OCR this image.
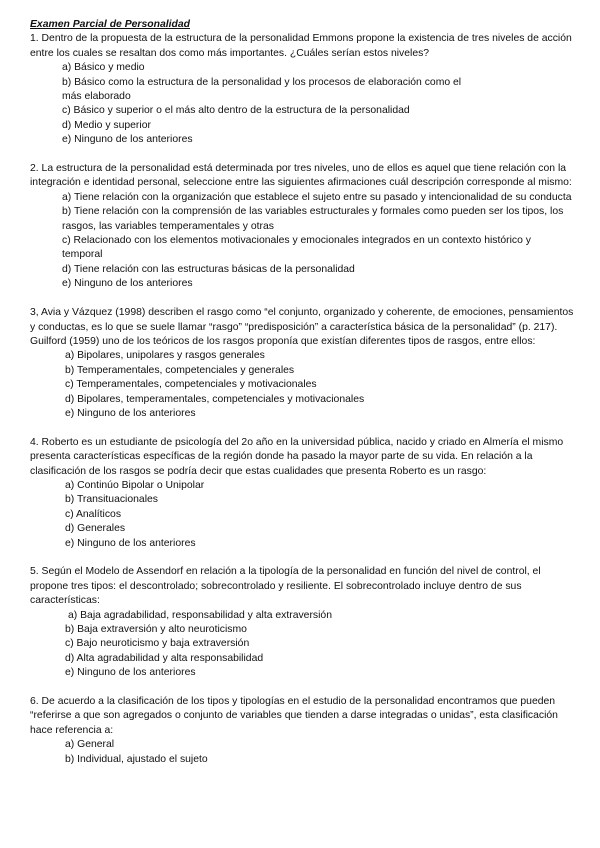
Examen Parcial de Personalidad

1. Dentro de la propuesta de la estructura de la personalidad Emmons propone la existencia de tres niveles de acción entre los cuales se resaltan dos como más importantes. ¿Cuáles serían estos niveles?

a) Básico y medio
b) Básico como la estructura de la personalidad y los procesos de elaboración como el más elaborado
c) Básico y superior o el más alto dentro de la estructura de la personalidad
d) Medio y superior
e) Ninguno de los anteriores

2. La estructura de la personalidad está determinada por tres niveles, uno de ellos es aquel que tiene relación con la integración e identidad personal, seleccione entre las siguientes afirmaciones cuál descripción corresponde al mismo:

a) Tiene relación con la organización que establece el sujeto entre su pasado y intencionalidad de su conducta
b) Tiene relación con la comprensión de las variables estructurales y formales como pueden ser los tipos, los rasgos, las variables temperamentales y otras
c) Relacionado con los elementos motivacionales y emocionales integrados en un contexto histórico y temporal
d) Tiene relación con las estructuras básicas de la personalidad
e) Ninguno de los anteriores

3, Avia y Vázquez (1998) describen el rasgo como “el conjunto, organizado y coherente, de emociones, pensamientos y conductas, es lo que se suele llamar “rasgo” “predisposición” a característica básica de la personalidad” (p. 217). Guilford (1959) uno de los teóricos de los rasgos proponía que existían diferentes tipos de rasgos, entre ellos:

a) Bipolares, unipolares y rasgos generales
b) Temperamentales, competenciales y generales
c) Temperamentales, competenciales y motivacionales
d) Bipolares, temperamentales, competenciales y motivacionales
e) Ninguno de los anteriores

4. Roberto es un estudiante de psicología del 2o año en la universidad pública, nacido y criado en Almería el mismo presenta características específicas de la región donde ha pasado la mayor parte de su vida. En relación a la clasificación de los rasgos se podría decir que estas cualidades que presenta Roberto es un rasgo:

a) Continúo Bipolar o Unipolar
b) Transituacionales
c) Analíticos
d) Generales
e) Ninguno de los anteriores

5. Según el Modelo de Assendorf en relación a la tipología de la personalidad en función del nivel de control, el propone tres tipos: el descontrolado; sobrecontrolado y resiliente. El sobrecontrolado incluye dentro de sus características:

a) Baja agradabilidad, responsabilidad y alta extraversión
b) Baja extraversión y alto neuroticismo
c) Bajo neuroticismo y baja extraversión
d) Alta agradabilidad y alta responsabilidad
e) Ninguno de los anteriores

6. De acuerdo a la clasificación de los tipos y tipologías en el estudio de la personalidad encontramos que pueden “referirse a que son agregados o conjunto de variables que tienden a darse integradas o unidas”, esta clasificación hace referencia a:

a) General
b) Individual, ajustado el sujeto
